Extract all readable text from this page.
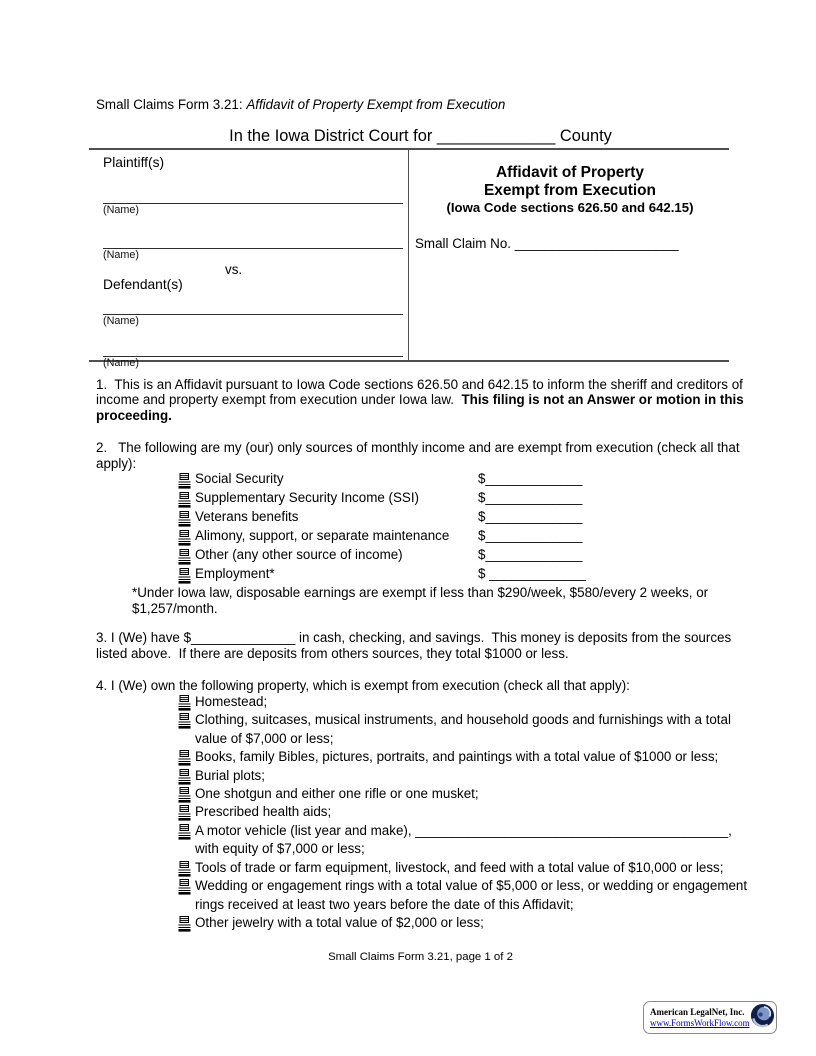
Small Claims Form 3.21: Affidavit of Property Exempt from Execution
In the Iowa District Court for _____________ County
Plaintiff(s)
(Name)
(Name)
vs.
Defendant(s)
(Name)
(Name)
Affidavit of Property
Exempt from Execution
(Iowa Code sections 626.50 and 642.15)
Small Claim No. ______________________

1.  This is an Affidavit pursuant to Iowa Code sections 626.50 and 642.15 to inform the sheriff and creditors of income and property exempt from execution under Iowa law.  This filing is not an Answer or motion in this proceeding.

2.   The following are my (our) only sources of monthly income and are exempt from execution (check all that apply):

Social Security	$_____________
Supplementary Security Income (SSI)	$_____________
Veterans benefits	$_____________
Alimony, support, or separate maintenance	$_____________
Other (any other source of income)	$_____________
Employment*	$ _____________
*Under Iowa law, disposable earnings are exempt if less than $290/week, $580/every 2 weeks, or $1,257/month.

3. I (We) have $______________ in cash, checking, and savings.  This money is deposits from the sources listed above.  If there are deposits from others sources, they total $1000 or less.

4. I (We) own the following property, which is exempt from execution (check all that apply):

Homestead;
Clothing, suitcases, musical instruments, and household goods and furnishings with a total value of $7,000 or less;
Books, family Bibles, pictures, portraits, and paintings with a total value of $1000 or less;
Burial plots;
One shotgun and either one rifle or one musket;
Prescribed health aids;
A motor vehicle (list year and make), __________________________________________, with equity of $7,000 or less;
Tools of trade or farm equipment, livestock, and feed with a total value of $10,000 or less;
Wedding or engagement rings with a total value of $5,000 or less, or wedding or engagement rings received at least two years before the date of this Affidavit;
Other jewelry with a total value of $2,000 or less;
Small Claims Form 3.21, page 1 of 2
American LegalNet, Inc.
www.FormsWorkFlow.com
